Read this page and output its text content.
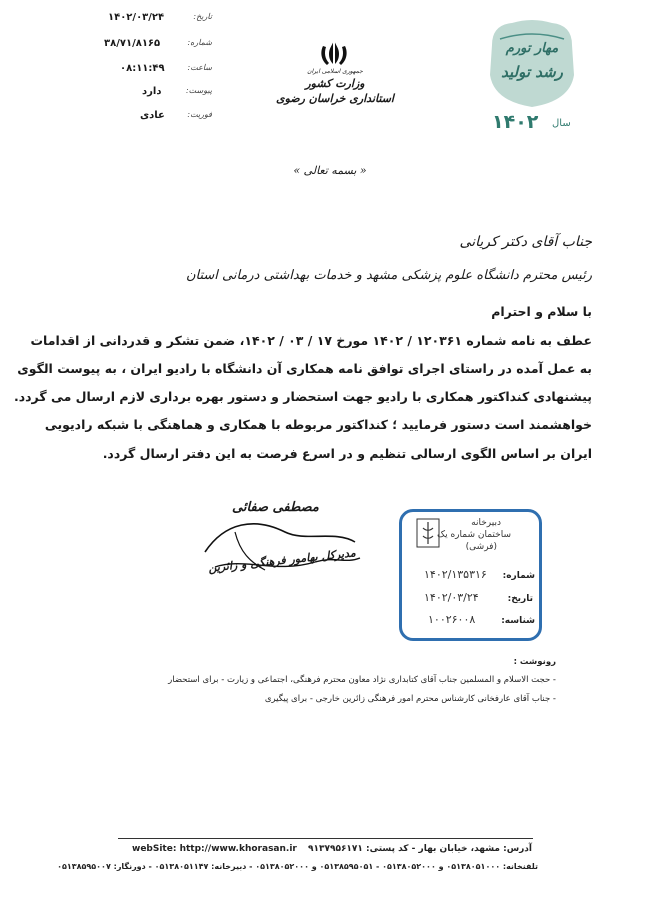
۱۴۰۲/۰۳/۲۴	تاریخ:
۳۸/۷۱/۸۱۶۵	شماره:
۰۸:۱۱:۴۹	ساعت:
دارد	پیوست:
عادی	فوریت:
جمهوری اسلامی ایران
وزارت کشور
استانداری خراسان رضوی
مهار تورم
رشد تولید
۱۴۰۲ سال
« بسمه تعالی »
جناب آقای دکتر کریانی
رئیس محترم دانشگاه علوم پزشکی مشهد و خدمات بهداشتی درمانی استان
با سلام و احترام
عطف به نامه شماره ۱۲۰۳۶۱ / ۱۴۰۲ مورخ ۱۷ / ۰۳ / ۱۴۰۲، ضمن تشکر و قدردانی از اقدامات
به عمل آمده در راستای اجرای توافق نامه همکاری آن دانشگاه با رادیو ایران ، به پیوست الگوی
پیشنهادی کنداکتور همکاری با رادیو جهت استحضار و دستور بهره برداری لازم ارسال می گردد.
خواهشمند است دستور فرمایید ؛ کنداکتور مربوطه با همکاری و هماهنگی با شبکه رادیویی
ایران بر اساس الگوی ارسالی تنظیم و در اسرع فرصت به این دفتر ارسال گردد.
مصطفی صفائی
مدیرکل بهامور فرهنگی و زائرین
دبیرخانه
ساختمان شماره یک
(فرشی)
شماره:
۱۴۰۲/۱۳۵۳۱۶
تاریخ:
۱۴۰۲/۰۳/۲۴
شناسه:
۱۰۰۲۶۰۰۸
رونوشت :
- حجت الاسلام و المسلمین جناب آقای کتابداری نژاد معاون محترم فرهنگی، اجتماعی و زیارت - برای استحضار
- جناب آقای عارفخانی کارشناس محترم امور فرهنگی زائرین خارجی - برای پیگیری
webSite: http://www.khorasan.ir آدرس: مشهد، خیابان بهار - کد پستی: ۹۱۳۷۹۵۶۱۷۱
تلفنخانه: ۰۵۱۳۸۰۵۱۰۰۰ و ۰۵۱۳۸۰۵۲۰۰۰ - ۰۵۱۳۸۵۹۵۰۵۱ و ۰۵۱۳۸۰۵۲۰۰۰ - دبیرخانه: ۰۵۱۳۸۰۵۱۱۴۷ - دورنگار: ۰۵۱۳۸۵۹۵۰۰۷
